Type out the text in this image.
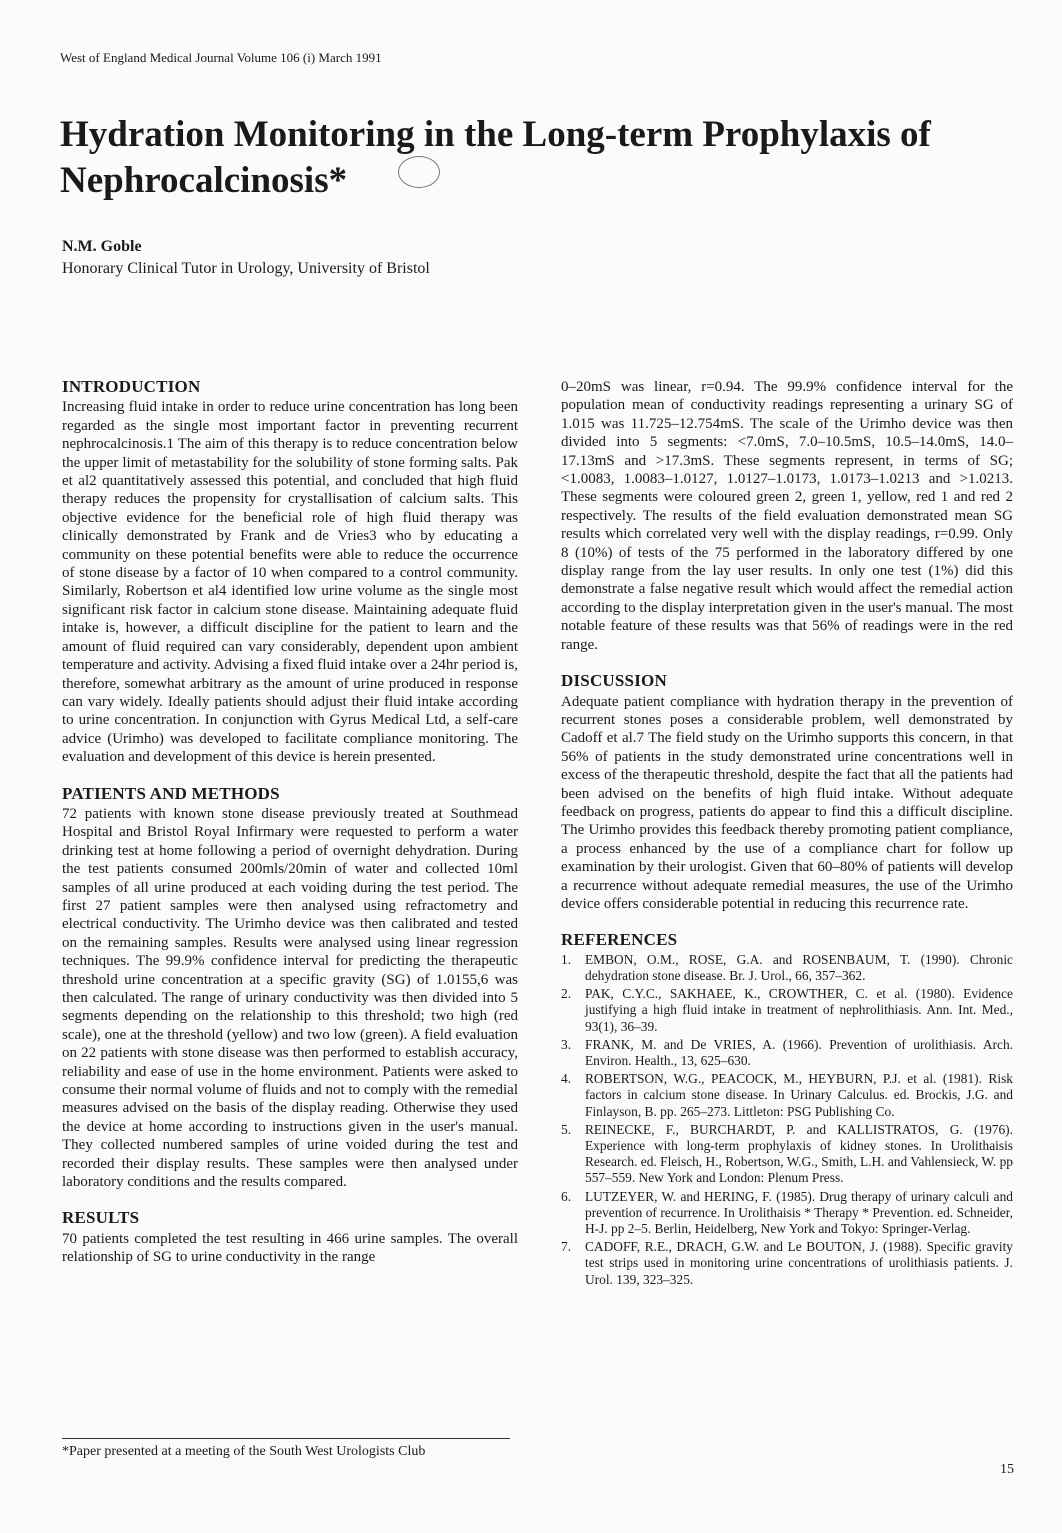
West of England Medical Journal Volume 106 (i) March 1991
Hydration Monitoring in the Long-term Prophylaxis of Nephrocalcinosis*
N.M. Goble
Honorary Clinical Tutor in Urology, University of Bristol
INTRODUCTION

Increasing fluid intake in order to reduce urine concentration has long been regarded as the single most important factor in preventing recurrent nephrocalcinosis.1 The aim of this therapy is to reduce concentration below the upper limit of metastability for the solubility of stone forming salts. Pak et al2 quantitatively assessed this potential, and concluded that high fluid therapy reduces the propensity for crystallisation of calcium salts. This objective evidence for the beneficial role of high fluid therapy was clinically demonstrated by Frank and de Vries3 who by educating a community on these potential benefits were able to reduce the occurrence of stone disease by a factor of 10 when compared to a control community. Similarly, Robertson et al4 identified low urine volume as the single most significant risk factor in calcium stone disease. Maintaining adequate fluid intake is, however, a difficult discipline for the patient to learn and the amount of fluid required can vary considerably, dependent upon ambient temperature and activity. Advising a fixed fluid intake over a 24hr period is, therefore, somewhat arbitrary as the amount of urine produced in response can vary widely. Ideally patients should adjust their fluid intake according to urine concentration. In conjunction with Gyrus Medical Ltd, a self-care advice (Urimho) was developed to facilitate compliance monitoring. The evaluation and development of this device is herein presented.

PATIENTS AND METHODS

72 patients with known stone disease previously treated at Southmead Hospital and Bristol Royal Infirmary were requested to perform a water drinking test at home following a period of overnight dehydration. During the test patients consumed 200mls/20min of water and collected 10ml samples of all urine produced at each voiding during the test period. The first 27 patient samples were then analysed using refractometry and electrical conductivity. The Urimho device was then calibrated and tested on the remaining samples. Results were analysed using linear regression techniques. The 99.9% confidence interval for predicting the therapeutic threshold urine concentration at a specific gravity (SG) of 1.0155,6 was then calculated. The range of urinary conductivity was then divided into 5 segments depending on the relationship to this threshold; two high (red scale), one at the threshold (yellow) and two low (green). A field evaluation on 22 patients with stone disease was then performed to establish accuracy, reliability and ease of use in the home environment. Patients were asked to consume their normal volume of fluids and not to comply with the remedial measures advised on the basis of the display reading. Otherwise they used the device at home according to instructions given in the user's manual. They collected numbered samples of urine voided during the test and recorded their display results. These samples were then analysed under laboratory conditions and the results compared.

RESULTS

70 patients completed the test resulting in 466 urine samples. The overall relationship of SG to urine conductivity in the range

0–20mS was linear, r=0.94. The 99.9% confidence interval for the population mean of conductivity readings representing a urinary SG of 1.015 was 11.725–12.754mS. The scale of the Urimho device was then divided into 5 segments: <7.0mS, 7.0–10.5mS, 10.5–14.0mS, 14.0–17.13mS and >17.3mS. These segments represent, in terms of SG; <1.0083, 1.0083–1.0127, 1.0127–1.0173, 1.0173–1.0213 and >1.0213. These segments were coloured green 2, green 1, yellow, red 1 and red 2 respectively. The results of the field evaluation demonstrated mean SG results which correlated very well with the display readings, r=0.99. Only 8 (10%) of tests of the 75 performed in the laboratory differed by one display range from the lay user results. In only one test (1%) did this demonstrate a false negative result which would affect the remedial action according to the display interpretation given in the user's manual. The most notable feature of these results was that 56% of readings were in the red range.

DISCUSSION

Adequate patient compliance with hydration therapy in the prevention of recurrent stones poses a considerable problem, well demonstrated by Cadoff et al.7 The field study on the Urimho supports this concern, in that 56% of patients in the study demonstrated urine concentrations well in excess of the therapeutic threshold, despite the fact that all the patients had been advised on the benefits of high fluid intake. Without adequate feedback on progress, patients do appear to find this a difficult discipline. The Urimho provides this feedback thereby promoting patient compliance, a process enhanced by the use of a compliance chart for follow up examination by their urologist. Given that 60–80% of patients will develop a recurrence without adequate remedial measures, the use of the Urimho device offers considerable potential in reducing this recurrence rate.

REFERENCES
1. EMBON, O.M., ROSE, G.A. and ROSENBAUM, T. (1990). Chronic dehydration stone disease. Br. J. Urol., 66, 357–362.
2. PAK, C.Y.C., SAKHAEE, K., CROWTHER, C. et al. (1980). Evidence justifying a high fluid intake in treatment of nephrolithiasis. Ann. Int. Med., 93(1), 36–39.
3. FRANK, M. and De VRIES, A. (1966). Prevention of urolithiasis. Arch. Environ. Health., 13, 625–630.
4. ROBERTSON, W.G., PEACOCK, M., HEYBURN, P.J. et al. (1981). Risk factors in calcium stone disease. In Urinary Calculus. ed. Brockis, J.G. and Finlayson, B. pp. 265–273. Littleton: PSG Publishing Co.
5. REINECKE, F., BURCHARDT, P. and KALLISTRATOS, G. (1976). Experience with long-term prophylaxis of kidney stones. In Urolithaisis Research. ed. Fleisch, H., Robertson, W.G., Smith, L.H. and Vahlensieck, W. pp 557–559. New York and London: Plenum Press.
6. LUTZEYER, W. and HERING, F. (1985). Drug therapy of urinary calculi and prevention of recurrence. In Urolithaisis * Therapy * Prevention. ed. Schneider, H-J. pp 2–5. Berlin, Heidelberg, New York and Tokyo: Springer-Verlag.
7. CADOFF, R.E., DRACH, G.W. and Le BOUTON, J. (1988). Specific gravity test strips used in monitoring urine concentrations of urolithiasis patients. J. Urol. 139, 323–325.
*Paper presented at a meeting of the South West Urologists Club
15
